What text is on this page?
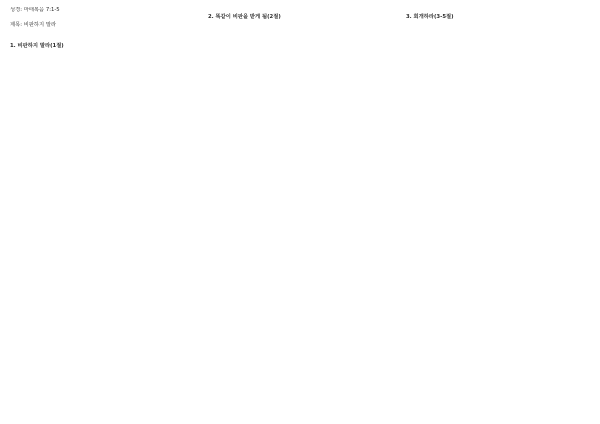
성경: 마태복음 7:1-5
제목: 비판하지 말라

1. 비판하지 말라(1절)

2. 똑같이 비판을 받게 됨(2절)	3. 회개하라(3-5절)
